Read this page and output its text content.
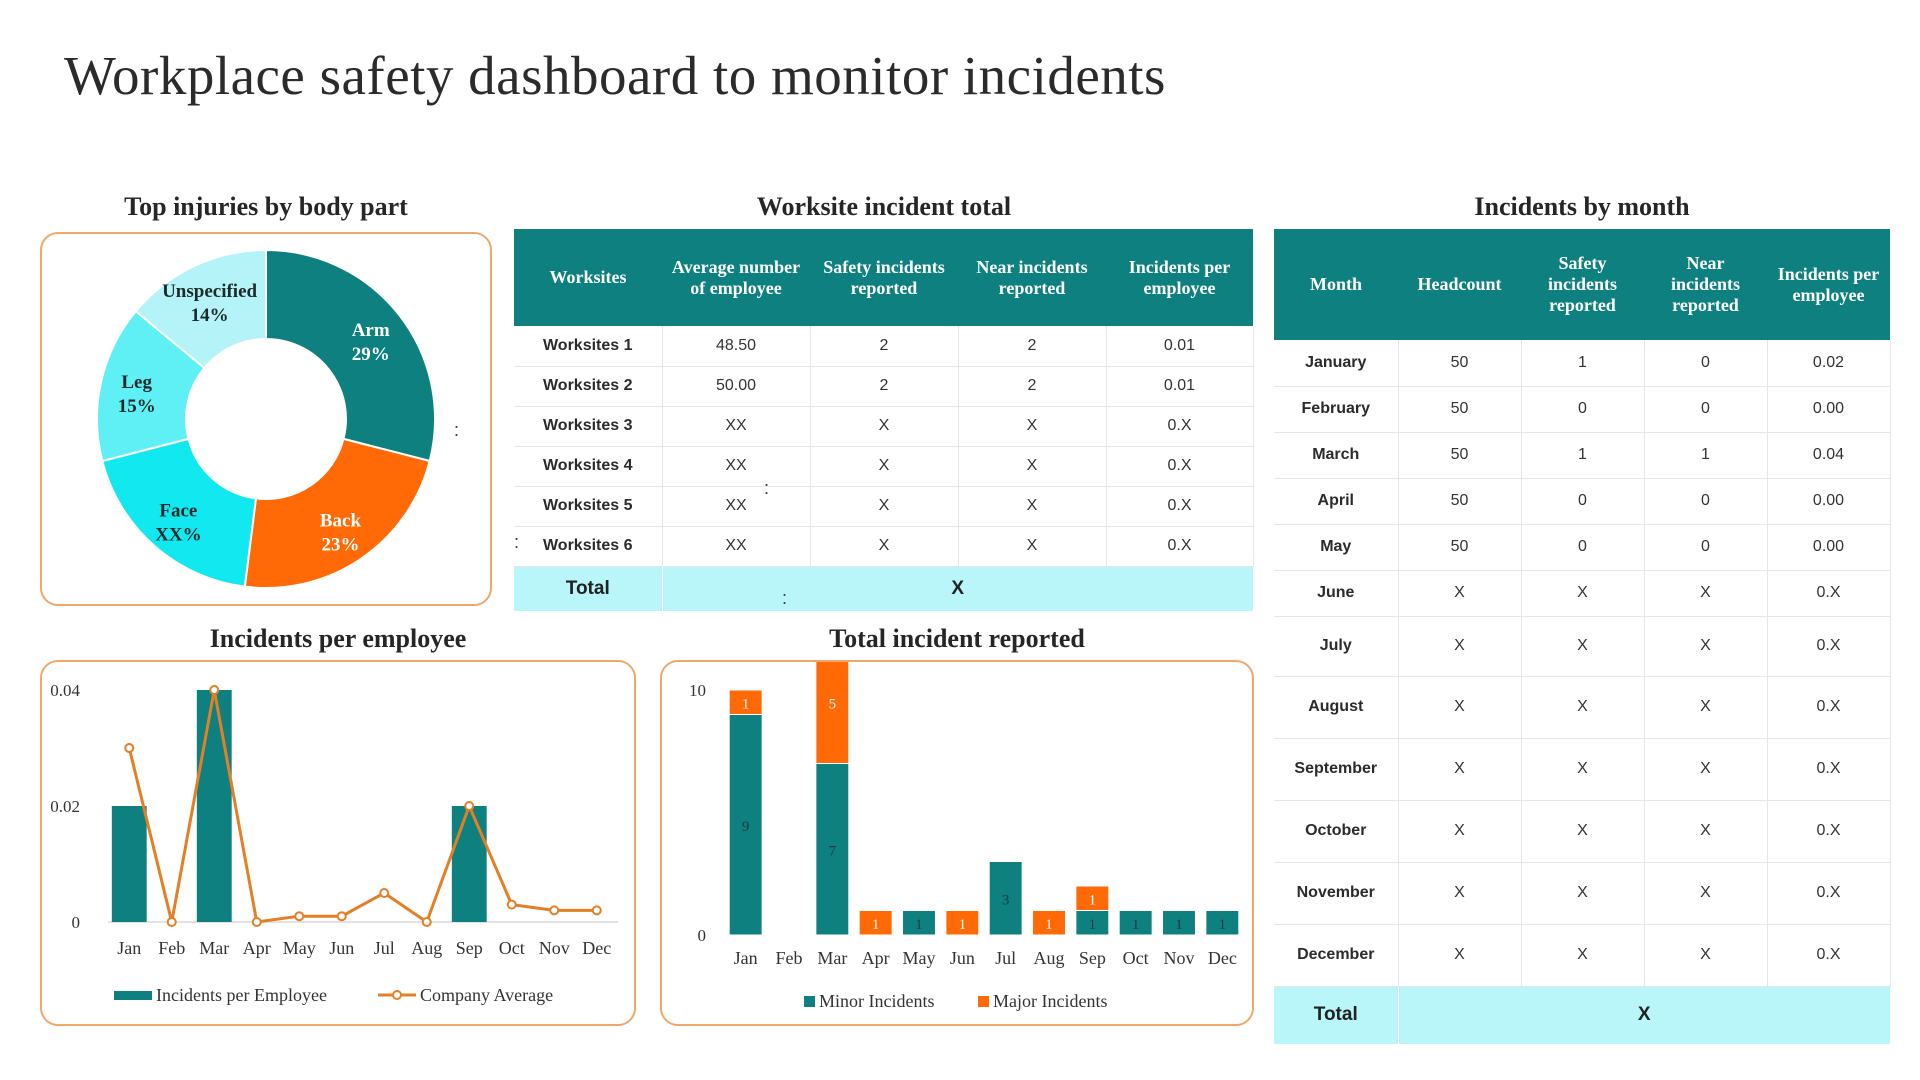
Workplace safety dashboard to monitor incidents
Top injuries by body part
Arm
29%
Back
23%
Face
XX%
Leg
15%
Unspecified
14%
:
Worksite incident total
Worksites	Average number of employee	Safety incidents reported	Near incidents reported	Incidents per employee
Worksites 1	48.50	2	2	0.01
Worksites 2	50.00	2	2	0.01
Worksites 3	XX	X	X	0.X
Worksites 4	XX	X	X	0.X
Worksites 5	XX	X	X	0.X
Worksites 6	XX	X	X	0.X
Total	X			
:
:
:
Incidents by month
Month	Headcount	Safety incidents reported	Near incidents reported	Incidents per employee
January	50	1	0	0.02
February	50	0	0	0.00
March	50	1	1	0.04
April	50	0	0	0.00
May	50	0	0	0.00
June	X	X	X	0.X
July	X	X	X	0.X
August	X	X	X	0.X
September	X	X	X	0.X
October	X	X	X	0.X
November	X	X	X	0.X
December	X	X	X	0.X
Total	X			
Incidents per employee
0
0.02
0.04
Jan Feb Mar Apr May Jun Jul Aug Sep Oct Nov Dec
Incidents per Employee	Company Average
Total incident reported
0
10
9
1
Jan Feb
7
5
Mar
1
Apr
1
May
1
Jun
3
Jul
1
Aug
1
1
Sep
1
Oct
1
Nov
1
Dec
Minor Incidents	Major Incidents
